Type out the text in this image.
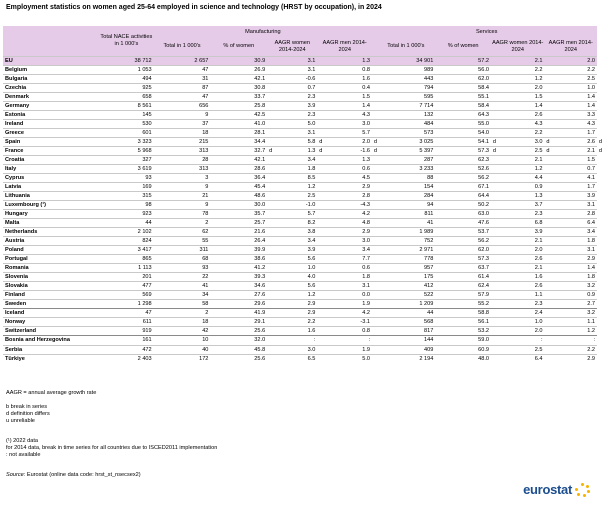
Employment statistics on women aged 25-64 employed in science and technology (HRST by occupation), in 2024
	Total NACE activities in 1 000's	Manufacturing					Services			
		Total in 1 000's	% of women	AAGR women 2014-2024	AAGR men 2014-2024		Total in 1 000's	% of women	AAGR women 2014-2024	AAGR men 2014-2024
EU	38 712	2 657	30.9	3.1	1.3		34 901	57.2	2.1	2.0
Belgium	1 053	47	26.9	3.1	0.8		989	56.0	2.2	2.2
Bulgaria	494	31	42.1	-0.6	1.6		443	62.0	1.2	2.5
Czechia	925	87	30.8	0.7	0.4		794	58.4	2.0	1.0
Denmark	658	47	33.7	2.3	1.5		595	55.1	1.5	1.4
Germany	8 561	656	25.8	3.9	1.4		7 714	58.4	1.4	1.4
Estonia	145	9	42.5	2.3	4.3		132	64.3	2.6	3.3
Ireland	530	37	41.0	5.0	3.0		484	55.0	4.3	4.3
Greece	601	18	28.1	3.1	5.7		573	54.0	2.2	1.7
Spain	3 323	215	34.4	5.8 d	2.0 d		3 025	54.1 d	3.0 d	2.6 d

France	5 968	313	32.7 d	1.3 d	-1.6 d		5 397	57.3 d	2.5 d	2.1 d

Croatia	327	28	42.1	3.4	1.3		287	62.3	2.1	1.5
Italy	3 619	313	28.6	1.8	0.6		3 233	52.6	1.2	0.7
Cyprus	93	3	36.4	8.5	4.5		88	56.2	4.4	4.1
Latvia	169	9	45.4	1.2	2.9		154	67.1	0.9	1.7
Lithuania	315	21	48.6	2.5	2.8		284	64.4	1.3	3.9
Luxembourg (¹)	98	9	30.0	-1.0	-4.3		94	50.2	3.7	3.1
Hungary	923	78	35.7	5.7	4.2		811	63.0	2.3	2.8
Malta	44	2	25.7	8.2	4.8		41	47.6	6.8	6.4
Netherlands	2 102	62	21.6	3.8	2.9		1 989	53.7	3.9	3.4
Austria	824	55	26.4	3.4	3.0		752	56.2	2.1	1.8
Poland	3 417	311	39.9	3.9	3.4		2 971	62.0	2.0	3.1
Portugal	865	68	38.6	5.6	7.7		778	57.3	2.6	2.9
Romania	1 113	93	41.2	1.0	0.6		957	63.7	2.1	1.4
Slovenia	201	22	39.3	4.0	1.8		175	61.4	1.6	1.8
Slovakia	477	41	34.6	5.6	3.1		412	62.4	2.6	3.2
Finland	569	34	27.6	1.2	0.0		522	57.9	1.1	0.9
Sweden	1 298	58	29.6	2.9	1.9		1 209	55.2	2.3	2.7
Iceland	47	2	41.9	2.9	4.2		44	58.8	2.4	3.2
Norway	611	18	29.1	2.2	-3.1		568	56.1	1.0	1.1
Switzerland	919	42	25.6	1.6	0.8		817	53.2	2.0	1.2
Bosnia and Herzegovina	161	10	32.0	:	:		144	59.0	:	:
Serbia	472	40	45.8	3.0	1.9		409	60.9	2.5	2.2
Türkiye	2 403	172	25.6	6.5	5.0		2 194	48.0	6.4	2.9
AAGR = annual average growth rate
b break in series
d definition differs
u unreliable
(¹) 2022 data
for 2014 data, break in time series for all countries due to ISCED2011 implementation
: not available
Source: Eurostat (online data code: hrst_st_nsecsex2)
eurostat
